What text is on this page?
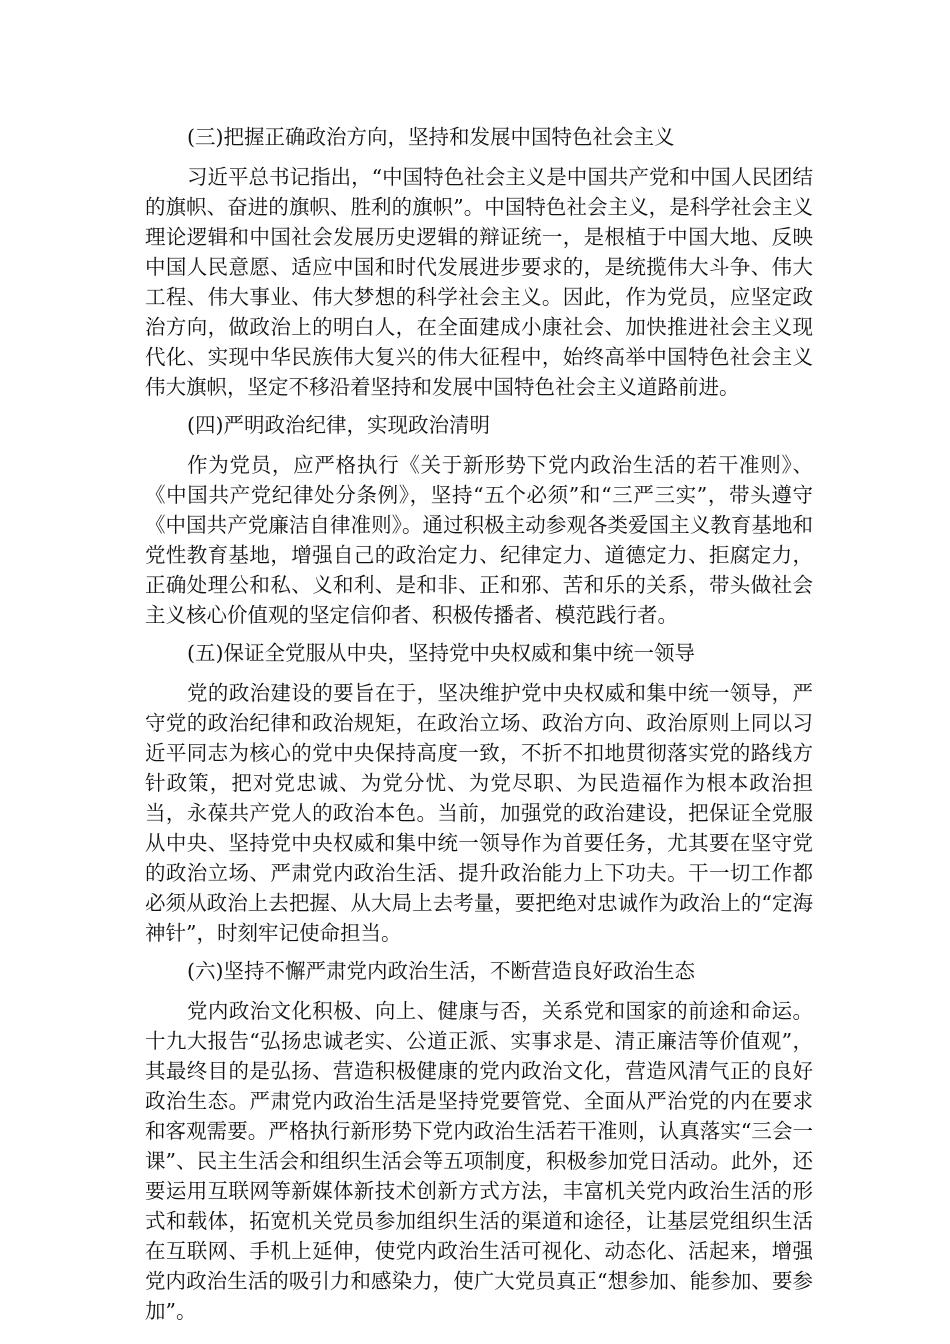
(三)把握正确政治方向，坚持和发展中国特色社会主义

习近平总书记指出，“中国特色社会主义是中国共产党和中国人民团结的旗帜、奋进的旗帜、胜利的旗帜”。中国特色社会主义，是科学社会主义理论逻辑和中国社会发展历史逻辑的辩证统一，是根植于中国大地、反映中国人民意愿、适应中国和时代发展进步要求的，是统揽伟大斗争、伟大工程、伟大事业、伟大梦想的科学社会主义。因此，作为党员，应坚定政治方向，做政治上的明白人，在全面建成小康社会、加快推进社会主义现代化、实现中华民族伟大复兴的伟大征程中，始终高举中国特色社会主义伟大旗帜，坚定不移沿着坚持和发展中国特色社会主义道路前进。

(四)严明政治纪律，实现政治清明

作为党员，应严格执行《关于新形势下党内政治生活的若干准则》、《中国共产党纪律处分条例》，坚持“五个必须”和“三严三实”，带头遵守《中国共产党廉洁自律准则》。通过积极主动参观各类爱国主义教育基地和党性教育基地，增强自己的政治定力、纪律定力、道德定力、拒腐定力，正确处理公和私、义和利、是和非、正和邪、苦和乐的关系，带头做社会主义核心价值观的坚定信仰者、积极传播者、模范践行者。

(五)保证全党服从中央，坚持党中央权威和集中统一领导

党的政治建设的要旨在于，坚决维护党中央权威和集中统一领导，严守党的政治纪律和政治规矩，在政治立场、政治方向、政治原则上同以习近平同志为核心的党中央保持高度一致，不折不扣地贯彻落实党的路线方针政策，把对党忠诚、为党分忧、为党尽职、为民造福作为根本政治担当，永葆共产党人的政治本色。当前，加强党的政治建设，把保证全党服从中央、坚持党中央权威和集中统一领导作为首要任务，尤其要在坚守党的政治立场、严肃党内政治生活、提升政治能力上下功夫。干一切工作都必须从政治上去把握、从大局上去考量，要把绝对忠诚作为政治上的“定海神针”，时刻牢记使命担当。

(六)坚持不懈严肃党内政治生活，不断营造良好政治生态

党内政治文化积极、向上、健康与否，关系党和国家的前途和命运。十九大报告“弘扬忠诚老实、公道正派、实事求是、清正廉洁等价值观”，其最终目的是弘扬、营造积极健康的党内政治文化，营造风清气正的良好政治生态。严肃党内政治生活是坚持党要管党、全面从严治党的内在要求和客观需要。严格执行新形势下党内政治生活若干准则，认真落实“三会一课”、民主生活会和组织生活会等五项制度，积极参加党日活动。此外，还要运用互联网等新媒体新技术创新方式方法，丰富机关党内政治生活的形式和载体，拓宽机关党员参加组织生活的渠道和途径，让基层党组织生活在互联网、手机上延伸，使党内政治生活可视化、动态化、活起来，增强党内政治生活的吸引力和感染力，使广大党员真正“想参加、能参加、要参加”。
